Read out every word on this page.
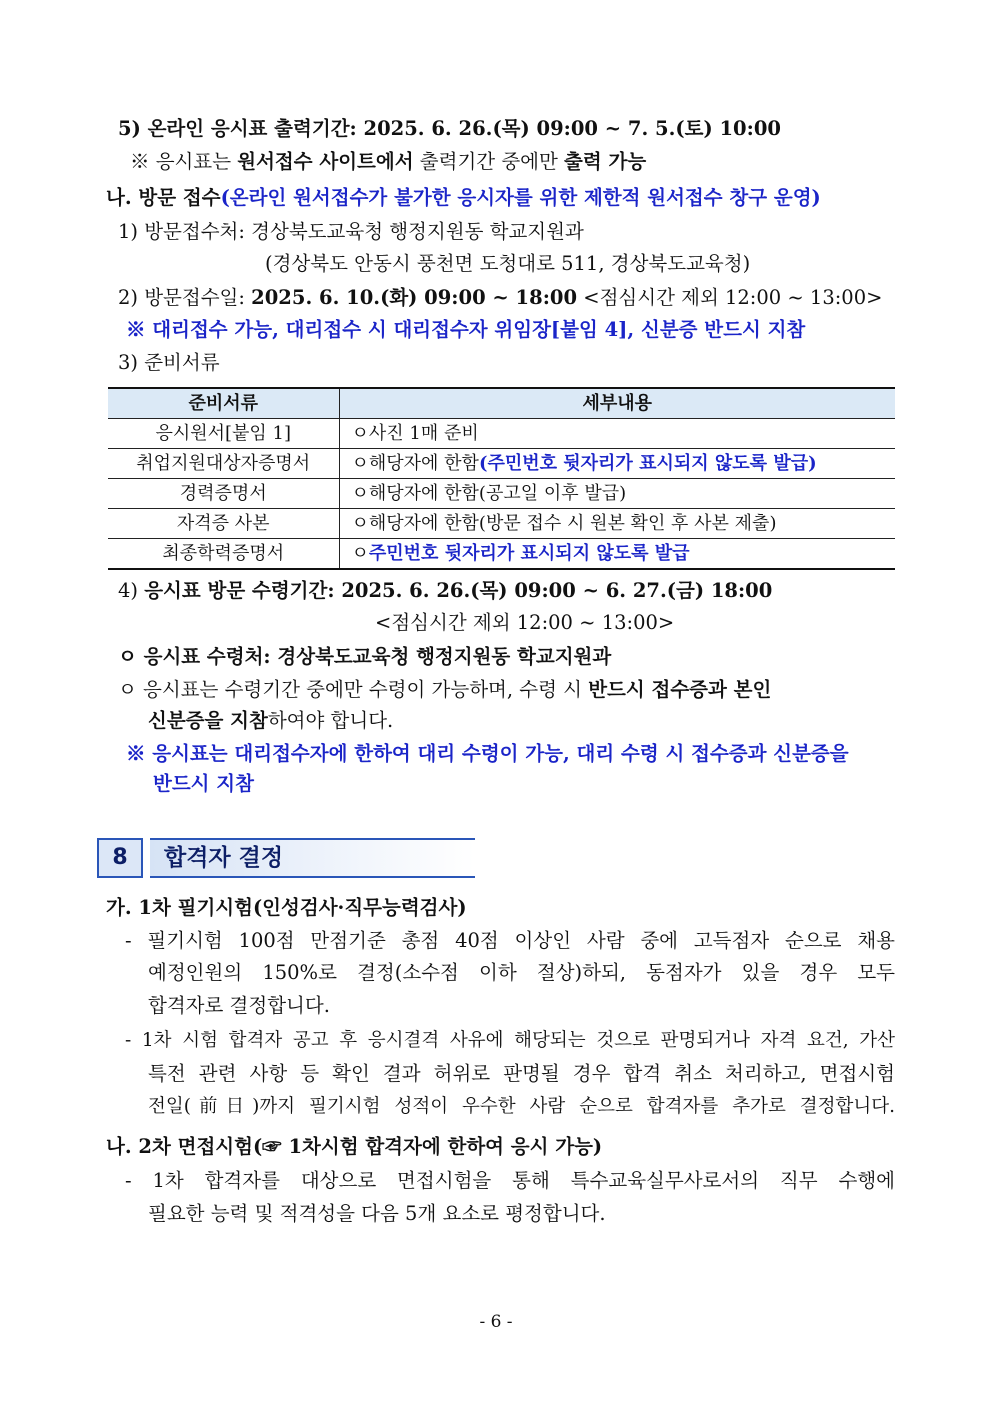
5) 온라인 응시표 출력기간: 2025. 6. 26.(목) 09:00 ~ 7. 5.(토) 10:00
※ 응시표는 원서접수 사이트에서 출력기간 중에만 출력 가능
나. 방문 접수(온라인 원서접수가 불가한 응시자를 위한 제한적 원서접수 창구 운영)
1) 방문접수처: 경상북도교육청 행정지원동 학교지원과
(경상북도 안동시 풍천면 도청대로 511, 경상북도교육청)
2) 방문접수일: 2025. 6. 10.(화) 09:00 ~ 18:00 <점심시간 제외 12:00 ~ 13:00>
※ 대리접수 가능, 대리접수 시 대리접수자 위임장[붙임 4], 신분증 반드시 지참
3) 준비서류
준비서류	세부내용
응시원서[붙임 1]	ㅇ사진 1매 준비
취업지원대상자증명서	ㅇ해당자에 한함(주민번호 뒷자리가 표시되지 않도록 발급)
경력증명서	ㅇ해당자에 한함(공고일 이후 발급)
자격증 사본	ㅇ해당자에 한함(방문 접수 시 원본 확인 후 사본 제출)
최종학력증명서	ㅇ주민번호 뒷자리가 표시되지 않도록 발급
4) 응시표 방문 수령기간: 2025. 6. 26.(목) 09:00 ~ 6. 27.(금) 18:00
<점심시간 제외 12:00 ~ 13:00>
ㅇ 응시표 수령처: 경상북도교육청 행정지원동 학교지원과
ㅇ 응시표는 수령기간 중에만 수령이 가능하며, 수령 시 반드시 접수증과 본인
신분증을 지참하여야 합니다.
※ 응시표는 대리접수자에 한하여 대리 수령이 가능, 대리 수령 시 접수증과 신분증을
반드시 지참
8	합격자 결정
가. 1차 필기시험(인성검사·직무능력검사)
- 필기시험 100점 만점기준 총점 40점 이상인 사람 중에 고득점자 순으로 채용
예정인원의 150%로 결정(소수점 이하 절상)하되, 동점자가 있을 경우 모두
합격자로 결정합니다.
- 1차 시험 합격자 공고 후 응시결격 사유에 해당되는 것으로 판명되거나 자격 요건, 가산
특전 관련 사항 등 확인 결과 허위로 판명될 경우 합격 취소 처리하고, 면접시험
전일(前日)까지 필기시험 성적이 우수한 사람 순으로 합격자를 추가로 결정합니다.
나. 2차 면접시험(☞ 1차시험 합격자에 한하여 응시 가능)
- 1차 합격자를 대상으로 면접시험을 통해 특수교육실무사로서의 직무 수행에
필요한 능력 및 적격성을 다음 5개 요소로 평정합니다.
- 6 -
